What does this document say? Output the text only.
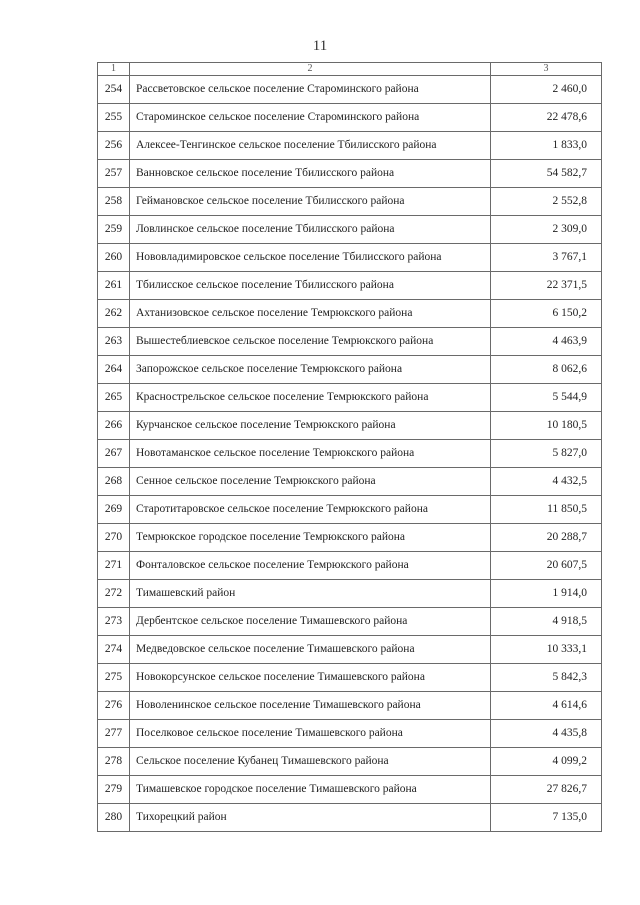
11
1	2	3
254	Рассветовское сельское поселение Староминского района	2 460,0
255	Староминское сельское поселение Староминского района	22 478,6
256	Алексее-Тенгинское сельское поселение Тбилисского района	1 833,0
257	Ванновское сельское поселение Тбилисского района	54 582,7
258	Геймановское сельское поселение Тбилисского района	2 552,8
259	Ловлинское сельское поселение Тбилисского района	2 309,0
260	Нововладимировское сельское поселение Тбилисского района	3 767,1
261	Тбилисское сельское поселение Тбилисского района	22 371,5
262	Ахтанизовское сельское поселение Темрюкского района	6 150,2
263	Вышестеблиевское сельское поселение Темрюкского района	4 463,9
264	Запорожское сельское поселение Темрюкского района	8 062,6
265	Краснострельское сельское поселение Темрюкского района	5 544,9
266	Курчанское сельское поселение Темрюкского района	10 180,5
267	Новотаманское сельское поселение Темрюкского района	5 827,0
268	Сенное сельское поселение Темрюкского района	4 432,5
269	Старотитаровское сельское поселение Темрюкского района	11 850,5
270	Темрюкское городское поселение Темрюкского района	20 288,7
271	Фонталовское сельское поселение Темрюкского района	20 607,5
272	Тимашевский район	1 914,0
273	Дербентское сельское поселение Тимашевского района	4 918,5
274	Медведовское сельское поселение Тимашевского района	10 333,1
275	Новокорсунское сельское поселение Тимашевского района	5 842,3
276	Новоленинское сельское поселение Тимашевского района	4 614,6
277	Поселковое сельское поселение Тимашевского района	4 435,8
278	Сельское поселение Кубанец Тимашевского района	4 099,2
279	Тимашевское городское поселение Тимашевского района	27 826,7
280	Тихорецкий район	7 135,0
